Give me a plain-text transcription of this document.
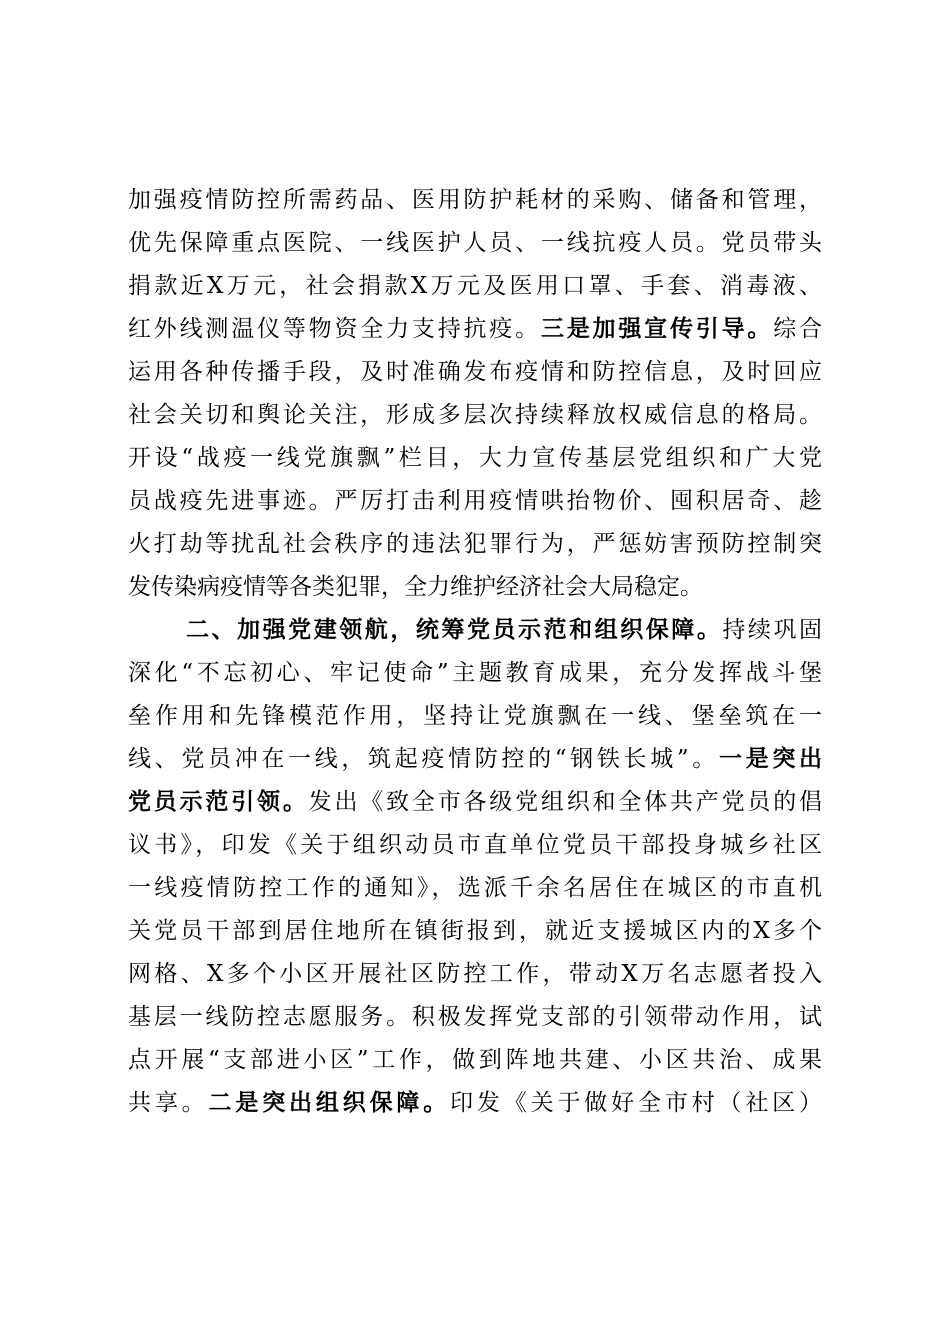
加强疫情防控所需药品、医用防护耗材的采购、储备和管理，
优先保障重点医院、一线医护人员、一线抗疫人员。党员带头
捐款近X万元，社会捐款X万元及医用口罩、手套、消毒液、
红外线测温仪等物资全力支持抗疫。三是加强宣传引导。综合
运用各种传播手段，及时准确发布疫情和防控信息，及时回应
社会关切和舆论关注，形成多层次持续释放权威信息的格局。
开设“战疫一线党旗飘”栏目，大力宣传基层党组织和广大党
员战疫先进事迹。严厉打击利用疫情哄抬物价、囤积居奇、趁
火打劫等扰乱社会秩序的违法犯罪行为，严惩妨害预防控制突
发传染病疫情等各类犯罪，全力维护经济社会大局稳定。
二、加强党建领航，统筹党员示范和组织保障。持续巩固
深化“不忘初心、牢记使命”主题教育成果，充分发挥战斗堡
垒作用和先锋模范作用，坚持让党旗飘在一线、堡垒筑在一
线、党员冲在一线，筑起疫情防控的“钢铁长城”。一是突出
党员示范引领。发出《致全市各级党组织和全体共产党员的倡
议书》，印发《关于组织动员市直单位党员干部投身城乡社区
一线疫情防控工作的通知》，选派千余名居住在城区的市直机
关党员干部到居住地所在镇街报到，就近支援城区内的X多个
网格、X多个小区开展社区防控工作，带动X万名志愿者投入
基层一线防控志愿服务。积极发挥党支部的引领带动作用，试
点开展“支部进小区”工作，做到阵地共建、小区共治、成果
共享。二是突出组织保障。印发《关于做好全市村（社区）
